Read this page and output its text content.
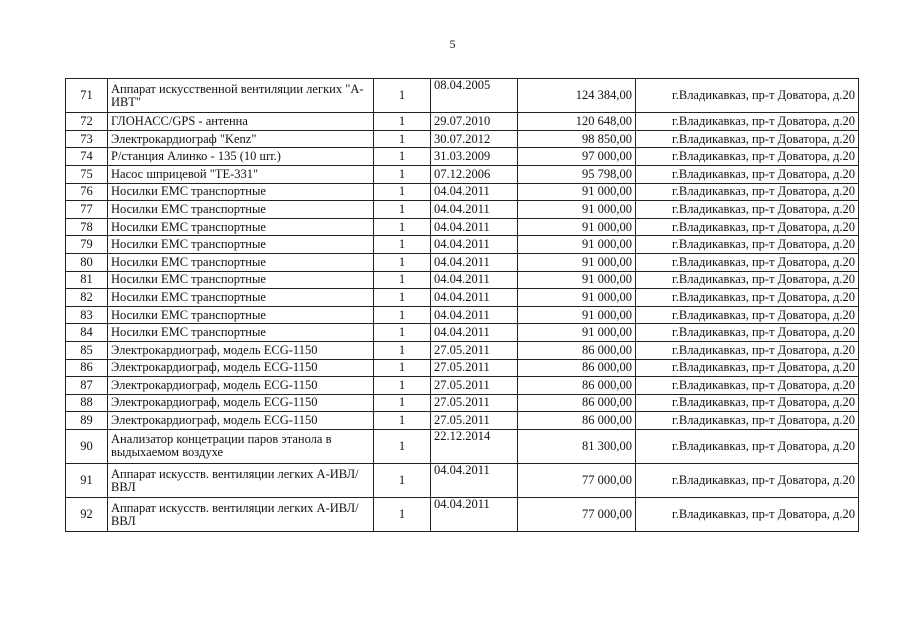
5
71	Аппарат искусственной вентиляции легких "А-ИВТ"	1	08.04.2005	124 384,00	г.Владикавказ, пр-т Доватора, д.20
72	ГЛОНАСС/GPS - антенна	1	29.07.2010	120 648,00	г.Владикавказ, пр-т Доватора, д.20
73	Электрокардиограф "Kenz"	1	30.07.2012	98 850,00	г.Владикавказ, пр-т Доватора, д.20
74	Р/станция Алинко - 135 (10 шт.)	1	31.03.2009	97 000,00	г.Владикавказ, пр-т Доватора, д.20
75	Насос шприцевой "TE-331"	1	07.12.2006	95 798,00	г.Владикавказ, пр-т Доватора, д.20
76	Носилки ЕМС транспортные	1	04.04.2011	91 000,00	г.Владикавказ, пр-т Доватора, д.20
77	Носилки ЕМС транспортные	1	04.04.2011	91 000,00	г.Владикавказ, пр-т Доватора, д.20
78	Носилки ЕМС транспортные	1	04.04.2011	91 000,00	г.Владикавказ, пр-т Доватора, д.20
79	Носилки ЕМС транспортные	1	04.04.2011	91 000,00	г.Владикавказ, пр-т Доватора, д.20
80	Носилки ЕМС транспортные	1	04.04.2011	91 000,00	г.Владикавказ, пр-т Доватора, д.20
81	Носилки ЕМС транспортные	1	04.04.2011	91 000,00	г.Владикавказ, пр-т Доватора, д.20
82	Носилки ЕМС транспортные	1	04.04.2011	91 000,00	г.Владикавказ, пр-т Доватора, д.20
83	Носилки ЕМС транспортные	1	04.04.2011	91 000,00	г.Владикавказ, пр-т Доватора, д.20
84	Носилки ЕМС транспортные	1	04.04.2011	91 000,00	г.Владикавказ, пр-т Доватора, д.20
85	Электрокардиограф, модель ECG-1150	1	27.05.2011	86 000,00	г.Владикавказ, пр-т Доватора, д.20
86	Электрокардиограф, модель ECG-1150	1	27.05.2011	86 000,00	г.Владикавказ, пр-т Доватора, д.20
87	Электрокардиограф, модель ECG-1150	1	27.05.2011	86 000,00	г.Владикавказ, пр-т Доватора, д.20
88	Электрокардиограф, модель ECG-1150	1	27.05.2011	86 000,00	г.Владикавказ, пр-т Доватора, д.20
89	Электрокардиограф, модель ECG-1150	1	27.05.2011	86 000,00	г.Владикавказ, пр-т Доватора, д.20
90	Анализатор концетрации паров этанола в выдыхаемом воздухе	1	22.12.2014	81 300,00	г.Владикавказ, пр-т Доватора, д.20
91	Аппарат искусств. вентиляции легких А-ИВЛ/ВВЛ	1	04.04.2011	77 000,00	г.Владикавказ, пр-т Доватора, д.20
92	Аппарат искусств. вентиляции легких А-ИВЛ/ВВЛ	1	04.04.2011	77 000,00	г.Владикавказ, пр-т Доватора, д.20
